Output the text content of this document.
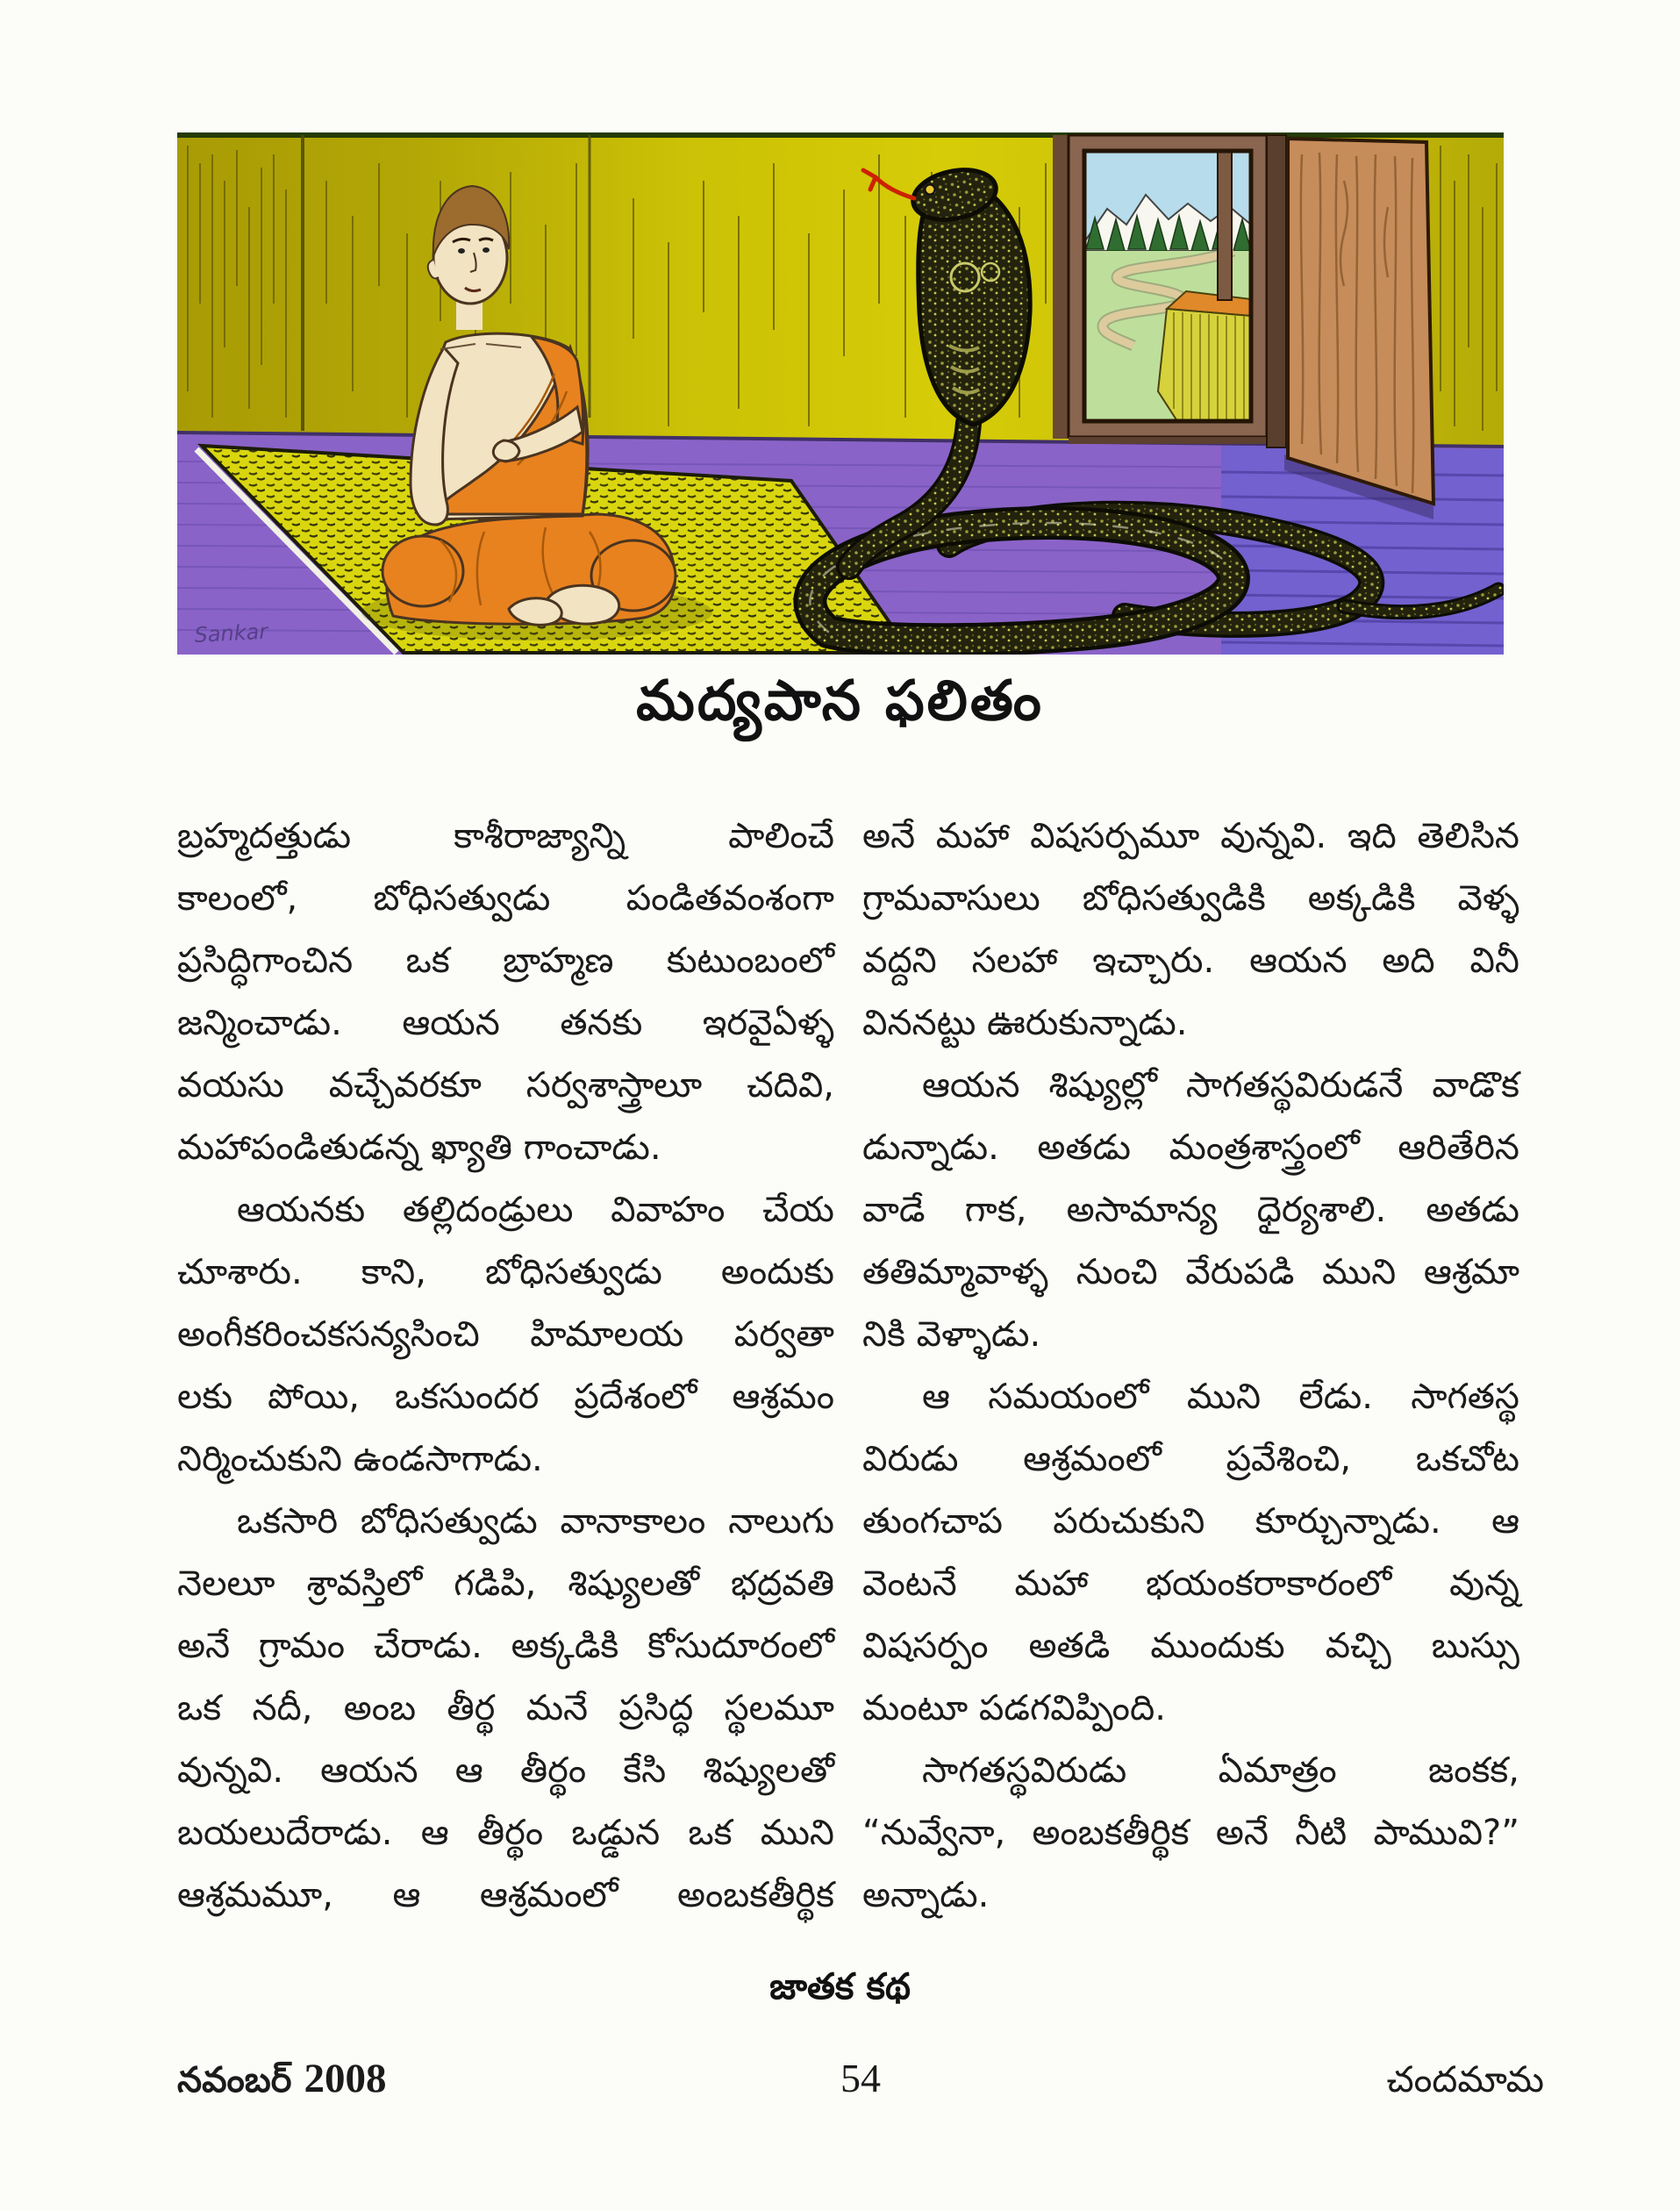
Sankar
మద్యపాన ఫలితం
బ్రహ్మదత్తుడు కాశీరాజ్యాన్ని పాలించే
కాలంలో, బోధిసత్వుడు పండితవంశంగా
ప్రసిద్ధిగాంచిన ఒక బ్రాహ్మణ కుటుంబంలో
జన్మించాడు. ఆయన తనకు ఇరవైఏళ్ళ
వయసు వచ్చేవరకూ సర్వశాస్త్రాలూ చదివి,
మహాపండితుడన్న ఖ్యాతి గాంచాడు.
ఆయనకు తల్లిదండ్రులు వివాహం చేయ
చూశారు. కాని, బోధిసత్వుడు అందుకు
అంగీకరించకసన్యసించి హిమాలయ పర్వతా
లకు పోయి, ఒకసుందర ప్రదేశంలో ఆశ్రమం
నిర్మించుకుని ఉండసాగాడు.
ఒకసారి బోధిసత్వుడు వానాకాలం నాలుగు
నెలలూ శ్రావస్తిలో గడిపి, శిష్యులతో భద్రవతి
అనే గ్రామం చేరాడు. అక్కడికి కోసుదూరంలో
ఒక నదీ, అంబ తీర్థ మనే ప్రసిద్ధ స్థలమూ
వున్నవి. ఆయన ఆ తీర్థం కేసి శిష్యులతో
బయలుదేరాడు. ఆ తీర్థం ఒడ్డున ఒక ముని
ఆశ్రమమూ, ఆ ఆశ్రమంలో అంబకతీర్థిక
అనే మహా విషసర్పమూ వున్నవి. ఇది తెలిసిన
గ్రామవాసులు బోధిసత్వుడికి అక్కడికి వెళ్ళ
వద్దని సలహా ఇచ్చారు. ఆయన అది వినీ
విననట్టు ఊరుకున్నాడు.
ఆయన శిష్యుల్లో సాగతస్థవిరుడనే వాడొక
డున్నాడు. అతడు మంత్రశాస్త్రంలో ఆరితేరిన
వాడే గాక, అసామాన్య ధైర్యశాలి. అతడు
తతిమ్మావాళ్ళ నుంచి వేరుపడి ముని ఆశ్రమా
నికి వెళ్ళాడు.
ఆ సమయంలో ముని లేడు. సాగతస్థ
విరుడు ఆశ్రమంలో ప్రవేశించి, ఒకచోట
తుంగచాప పరుచుకుని కూర్చున్నాడు. ఆ
వెంటనే మహా భయంకరాకారంలో వున్న
విషసర్పం అతడి ముందుకు వచ్చి బుస్సు
మంటూ పడగవిప్పింది.
సాగతస్థవిరుడు ఏమాత్రం జంకక,
“నువ్వేనా, అంబకతీర్థిక అనే నీటి పామువి?”
అన్నాడు.
జాతక కథ
నవంబర్ 2008	54	చందమామ
